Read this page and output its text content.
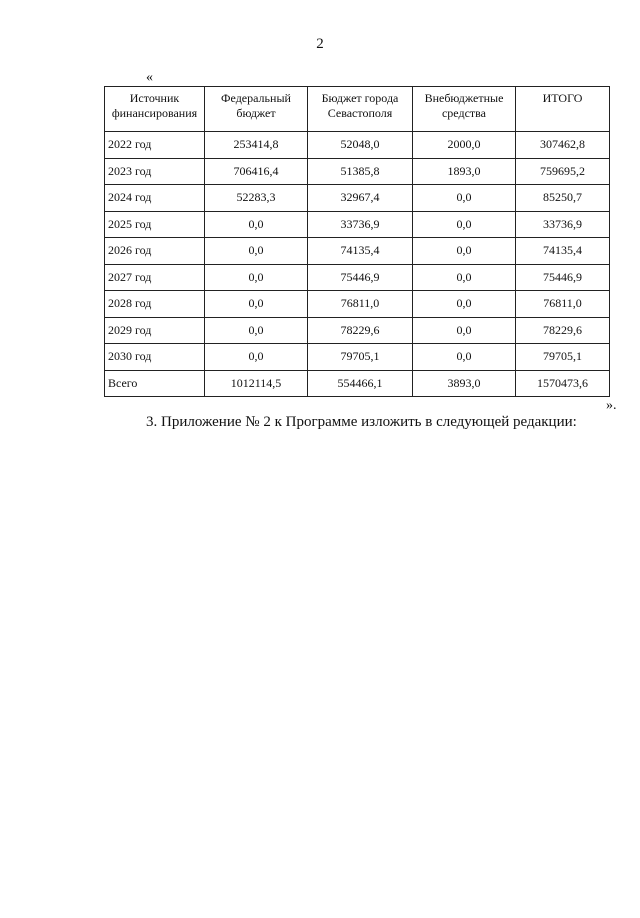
2
«
Источник финансирования	Федеральный бюджет	Бюджет города Севастополя	Внебюджетные средства	ИТОГО
2022 год	253414,8	52048,0	2000,0	307462,8
2023 год	706416,4	51385,8	1893,0	759695,2
2024 год	52283,3	32967,4	0,0	85250,7
2025 год	0,0	33736,9	0,0	33736,9
2026 год	0,0	74135,4	0,0	74135,4
2027 год	0,0	75446,9	0,0	75446,9
2028 год	0,0	76811,0	0,0	76811,0
2029 год	0,0	78229,6	0,0	78229,6
2030 год	0,0	79705,1	0,0	79705,1
Всего	1012114,5	554466,1	3893,0	1570473,6
».
3. Приложение № 2 к Программе изложить в следующей редакции:
